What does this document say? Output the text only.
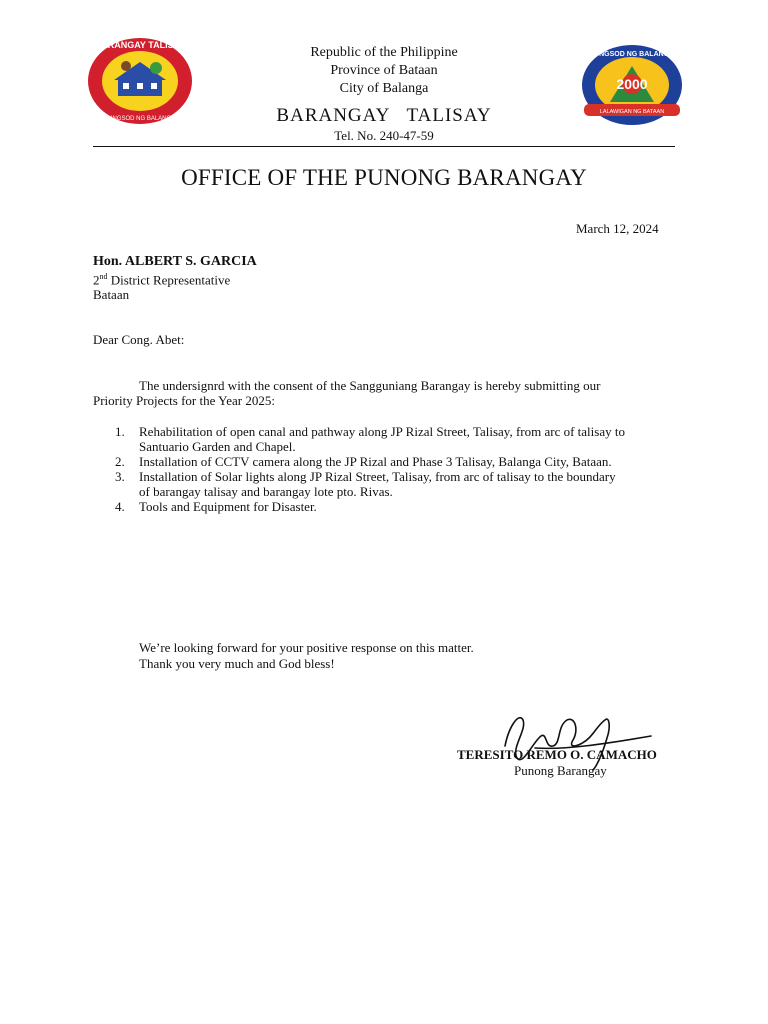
BARANGAY TALISAY
LUNGSOD NG BALANGA
2000
LUNGSOD NG BALANGA
LALAWIGAN NG BATAAN
Republic of the Philippine
Province of Bataan
City of Balanga
BARANGAY   TALISAY
Tel. No. 240-47-59
OFFICE OF THE PUNONG BARANGAY
March 12, 2024
Hon. ALBERT S. GARCIA
2nd District Representative
Bataan
Dear Cong. Abet:
The undersignrd with the consent of the Sangguniang Barangay is hereby submitting our
Priority Projects for the Year 2025:
1. Rehabilitation of open canal and pathway along JP Rizal Street, Talisay, from arc of talisay to
Santuario Garden and Chapel.
2. Installation of CCTV camera along the JP Rizal and Phase 3 Talisay, Balanga City, Bataan.
3. Installation of Solar lights along JP Rizal Street, Talisay, from arc of talisay to the boundary
of barangay talisay and barangay lote pto. Rivas.
4. Tools and Equipment for Disaster.
We’re looking forward for your positive response on this matter.
Thank you very much and God bless!
TERESITO REMO O. CAMACHO
Punong Barangay
